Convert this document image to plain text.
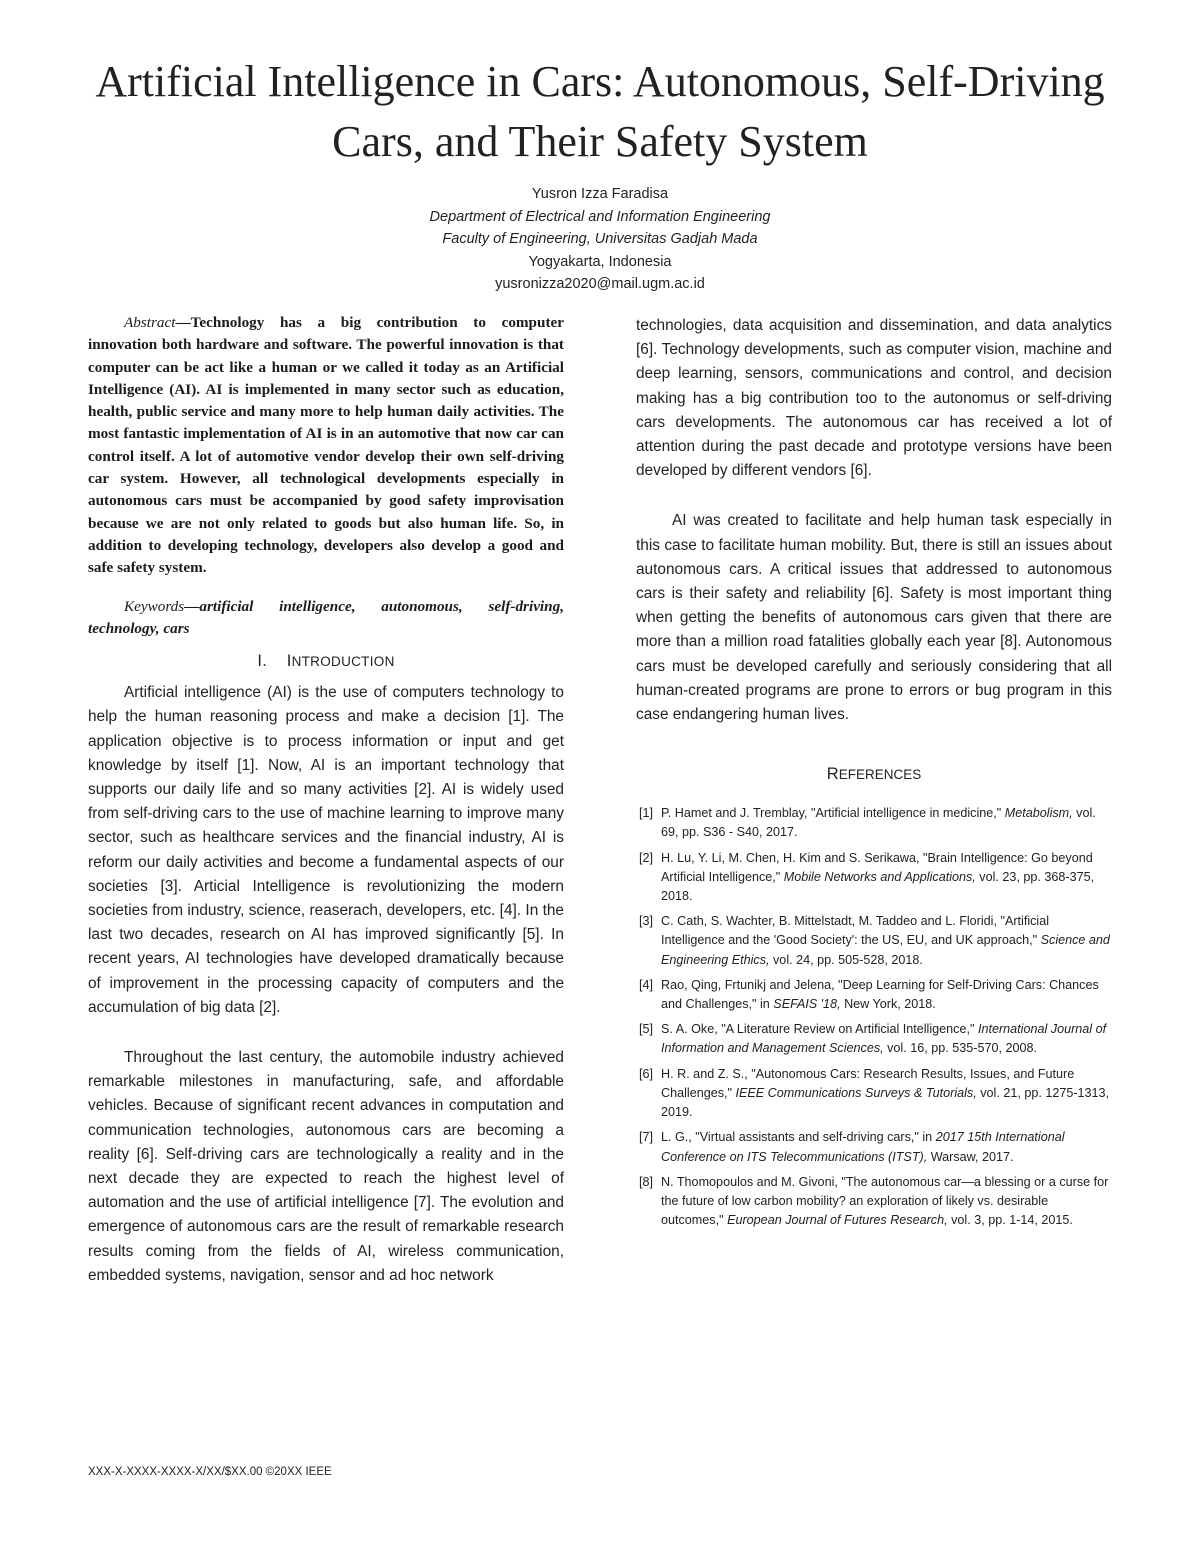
Artificial Intelligence in Cars: Autonomous, Self-Driving Cars, and Their Safety System
Yusron Izza Faradisa
Department of Electrical and Information Engineering
Faculty of Engineering, Universitas Gadjah Mada
Yogyakarta, Indonesia
yusronizza2020@mail.ugm.ac.id

Abstract—Technology has a big contribution to computer innovation both hardware and software. The powerful innovation is that computer can be act like a human or we called it today as an Artificial Intelligence (AI). AI is implemented in many sector such as education, health, public service and many more to help human daily activities. The most fantastic implementation of AI is in an automotive that now car can control itself. A lot of automotive vendor develop their own self-driving car system. However, all technological developments especially in autonomous cars must be accompanied by good safety improvisation because we are not only related to goods but also human life. So, in addition to developing technology, developers also develop a good and safe safety system.

Keywords—artificial intelligence, autonomous, self-driving, technology, cars

I. INTRODUCTION

Artificial intelligence (AI) is the use of computers technology to help the human reasoning process and make a decision [1]. The application objective is to process information or input and get knowledge by itself [1]. Now, AI is an important technology that supports our daily life and so many activities [2]. AI is widely used from self-driving cars to the use of machine learning to improve many sector, such as healthcare services and the financial industry, AI is reform our daily activities and become a fundamental aspects of our societies [3]. Articial Intelligence is revolutionizing the modern societies from industry, science, reaserach, developers, etc. [4]. In the last two decades, research on AI has improved significantly [5]. In recent years, AI technologies have developed dramatically because of improvement in the processing capacity of computers and the accumulation of big data [2].

Throughout the last century, the automobile industry achieved remarkable milestones in manufacturing, safe, and affordable vehicles. Because of significant recent advances in computation and communication technologies, autonomous cars are becoming a reality [6]. Self-driving cars are technologically a reality and in the next decade they are expected to reach the highest level of automation and the use of artificial intelligence [7]. The evolution and emergence of autonomous cars are the result of remarkable research results coming from the fields of AI, wireless communication, embedded systems, navigation, sensor and ad hoc network

technologies, data acquisition and dissemination, and data analytics [6]. Technology developments, such as computer vision, machine and deep learning, sensors, communications and control, and decision making has a big contribution too to the autonomus or self-driving cars developments. The autonomous car has received a lot of attention during the past decade and prototype versions have been developed by different vendors [6].

AI was created to facilitate and help human task especially in this case to facilitate human mobility. But, there is still an issues about autonomous cars. A critical issues that addressed to autonomous cars is their safety and reliability [6]. Safety is most important thing when getting the benefits of autonomous cars given that there are more than a million road fatalities globally each year [8]. Autonomous cars must be developed carefully and seriously considering that all human-created programs are prone to errors or bug program in this case endangering human lives.

REFERENCES
[1] P. Hamet and J. Tremblay, "Artificial intelligence in medicine," Metabolism, vol. 69, pp. S36 - S40, 2017.
[2] H. Lu, Y. Li, M. Chen, H. Kim and S. Serikawa, "Brain Intelligence: Go beyond Artificial Intelligence," Mobile Networks and Applications, vol. 23, pp. 368-375, 2018.
[3] C. Cath, S. Wachter, B. Mittelstadt, M. Taddeo and L. Floridi, "Artificial Intelligence and the 'Good Society': the US, EU, and UK approach," Science and Engineering Ethics, vol. 24, pp. 505-528, 2018.
[4] Rao, Qing, Frtunikj and Jelena, "Deep Learning for Self-Driving Cars: Chances and Challenges," in SEFAIS '18, New York, 2018.
[5] S. A. Oke, "A Literature Review on Artificial Intelligence," International Journal of Information and Management Sciences, vol. 16, pp. 535-570, 2008.
[6] H. R. and Z. S., "Autonomous Cars: Research Results, Issues, and Future Challenges," IEEE Communications Surveys & Tutorials, vol. 21, pp. 1275-1313, 2019.
[7] L. G., "Virtual assistants and self-driving cars," in 2017 15th International Conference on ITS Telecommunications (ITST), Warsaw, 2017.
[8] N. Thomopoulos and M. Givoni, "The autonomous car—a blessing or a curse for the future of low carbon mobility? an exploration of likely vs. desirable outcomes," European Journal of Futures Research, vol. 3, pp. 1-14, 2015.
XXX-X-XXXX-XXXX-X/XX/$XX.00 ©20XX IEEE
